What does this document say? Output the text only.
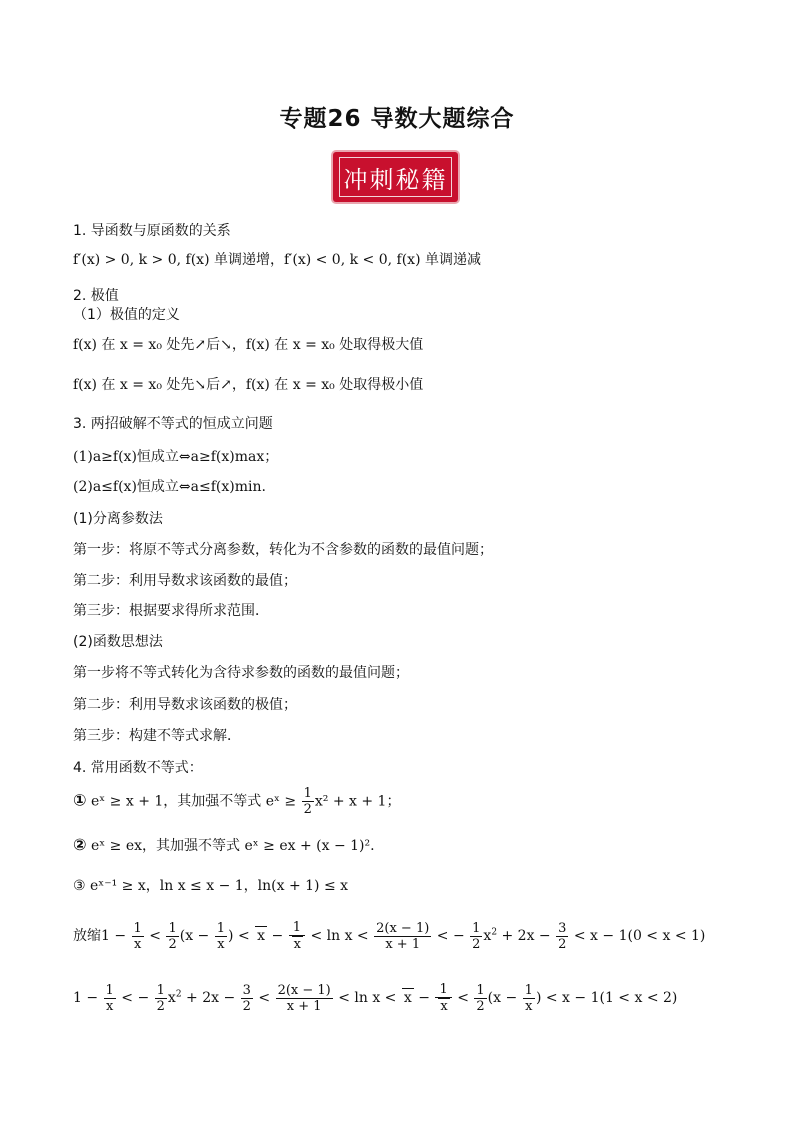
专题26 导数大题综合
冲刺秘籍
1. 导函数与原函数的关系
f′(x) > 0, k > 0, f(x) 单调递增，f′(x) < 0, k < 0, f(x) 单调递减
2. 极值
（1）极值的定义
f(x) 在 x = x₀ 处先↗后↘，f(x) 在 x = x₀ 处取得极大值
f(x) 在 x = x₀ 处先↘后↗，f(x) 在 x = x₀ 处取得极小值
3. 两招破解不等式的恒成立问题
(1)a≥f(x)恒成立⇔a≥f(x)max；
(2)a≤f(x)恒成立⇔a≤f(x)min.
(1)分离参数法
第一步：将原不等式分离参数，转化为不含参数的函数的最值问题；
第二步：利用导数求该函数的最值；
第三步：根据要求得所求范围．
(2)函数思想法
第一步将不等式转化为含待求参数的函数的最值问题；
第二步：利用导数求该函数的极值；
第三步：构建不等式求解．
4. 常用函数不等式：
① eˣ ≥ x + 1，其加强不等式 eˣ ≥ $\frac{1}{2} x^2 + x + 1$；
② eˣ ≥ ex，其加强不等式 eˣ ≥ ex + (x − 1)².
③ eˣ⁻¹ ≥ x，ln x ≤ x − 1，ln(x + 1) ≤ x
放缩$1 - \frac{1}{x} < \frac{1}{2} (x - \frac{1}{x}$ ) < $x - \frac{1}{x} < \ln x < \frac{2(x - 1)}{x + 1}$ < − $\frac{1}{2} x^2 + 2x - \frac{3}{2} < x - 1(0 < x < 1)$
$1 - \frac{1}{x}$ < − $\frac{1}{2} x^2 + 2x - \frac{3}{2} < \frac{2(x - 1)}{x + 1} < \ln x < x - \frac{1}{x} < \frac{1}{2} (x - \frac{1}{x}$ ) < x − 1(1 < x < 2)
